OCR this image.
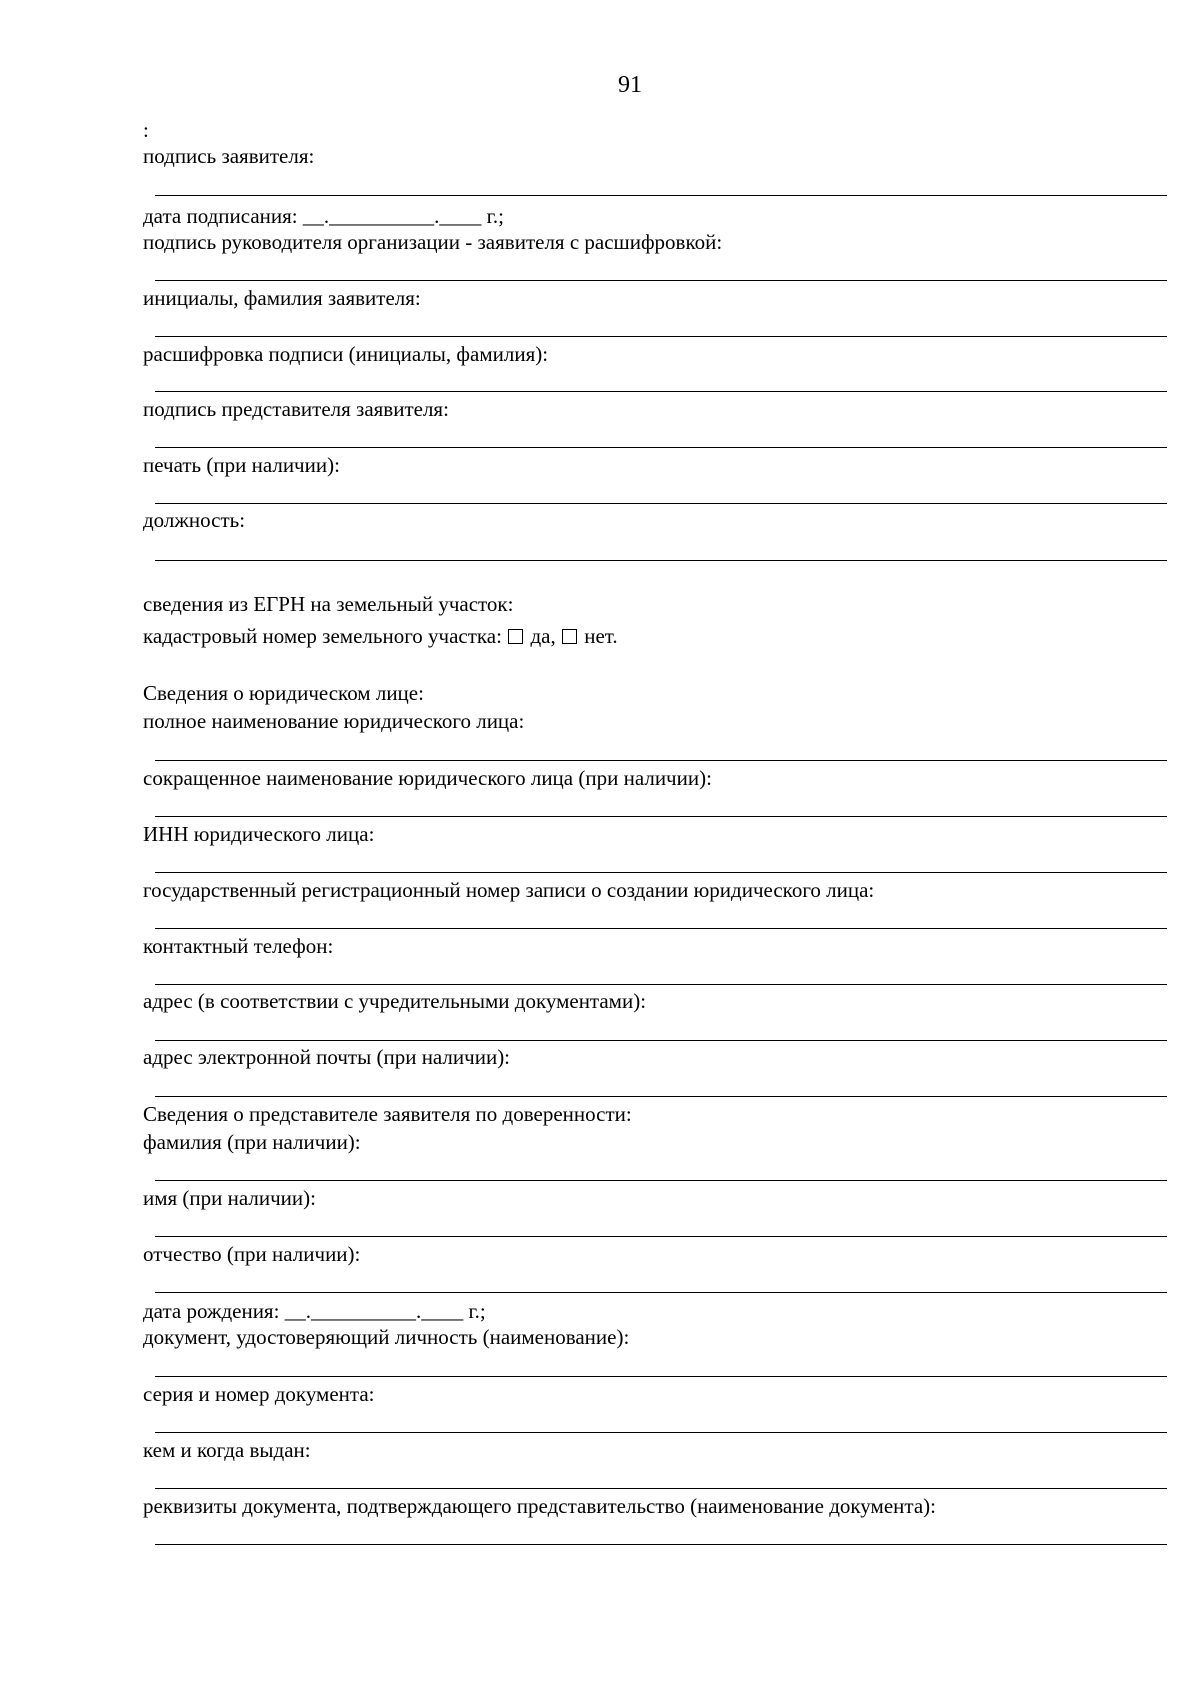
91
:
подпись заявителя:
дата подписания: __.__________.____ г.;
подпись руководителя организации - заявителя с расшифровкой:
инициалы, фамилия заявителя:
расшифровка подписи (инициалы, фамилия):
подпись представителя заявителя:
печать (при наличии):
должность:
сведения из ЕГРН на земельный участок:
кадастровый номер земельного участка:  да, нет.
Сведения о юридическом лице:
полное наименование юридического лица:
сокращенное наименование юридического лица (при наличии):
ИНН юридического лица:
государственный регистрационный номер записи о создании юридического лица:
контактный телефон:
адрес (в соответствии с учредительными документами):
адрес электронной почты (при наличии):
Сведения о представителе заявителя по доверенности:
фамилия (при наличии):
имя (при наличии):
отчество (при наличии):
дата рождения: __.__________.____ г.;
документ, удостоверяющий личность (наименование):
серия и номер документа:
кем и когда выдан:
реквизиты документа, подтверждающего представительство (наименование документа):
